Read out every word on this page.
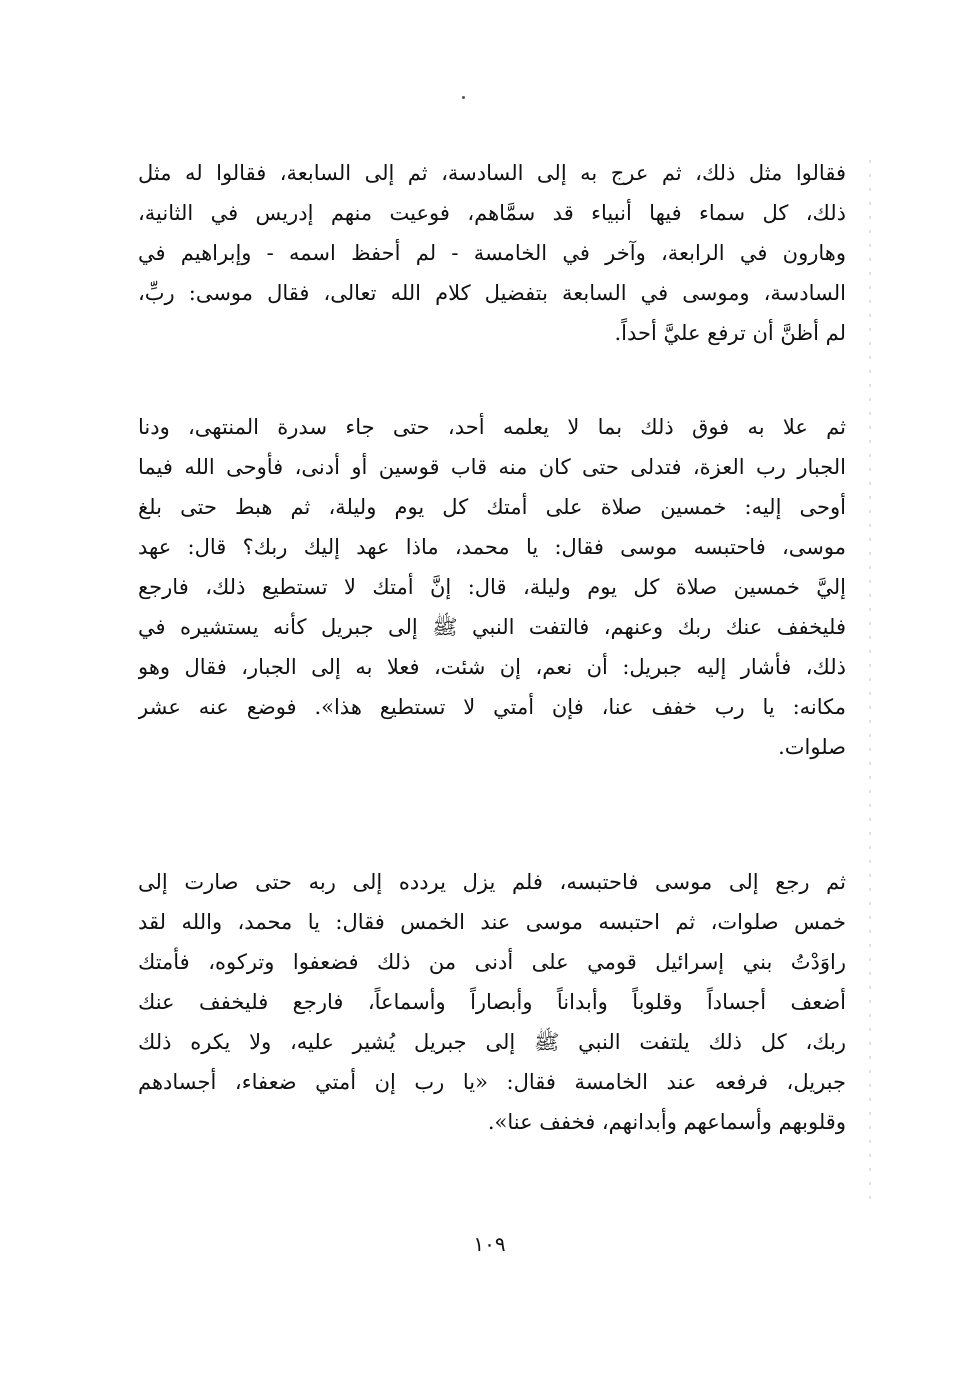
فقالوا مثل ذلك، ثم عرج به إلى السادسة، ثم إلى السابعة، فقالوا له مثل
ذلك، كل سماء فيها أنبياء قد سمَّاهم، فوعيت منهم إدريس في الثانية،
وهارون في الرابعة، وآخر في الخامسة - لم أحفظ اسمه - وإبراهيم في
السادسة، وموسى في السابعة بتفضيل كلام الله تعالى، فقال موسى: ربِّ،
لم أظنَّ أن ترفع عليَّ أحداً.
ثم علا به فوق ذلك بما لا يعلمه أحد، حتى جاء سدرة المنتهى، ودنا
الجبار رب العزة، فتدلى حتى كان منه قاب قوسين أو أدنى، فأوحى الله فيما
أوحى إليه: خمسين صلاة على أمتك كل يوم وليلة، ثم هبط حتى بلغ
موسى، فاحتبسه موسى فقال: يا محمد، ماذا عهد إليك ربك؟ قال: عهد
إليَّ خمسين صلاة كل يوم وليلة، قال: إنَّ أمتك لا تستطيع ذلك، فارجع
فليخفف عنك ربك وعنهم، فالتفت النبي ﷺ إلى جبريل كأنه يستشيره في
ذلك، فأشار إليه جبريل: أن نعم، إن شئت، فعلا به إلى الجبار، فقال وهو
مكانه: يا رب خفف عنا، فإن أمتي لا تستطيع هذا». فوضع عنه عشر
صلوات.
ثم رجع إلى موسى فاحتبسه، فلم يزل يردده إلى ربه حتى صارت إلى
خمس صلوات، ثم احتبسه موسى عند الخمس فقال: يا محمد، والله لقد
راوَدْتُ بني إسرائيل قومي على أدنى من ذلك فضعفوا وتركوه، فأمتك
أضعف أجساداً وقلوباً وأبداناً وأبصاراً وأسماعاً، فارجع فليخفف عنك
ربك، كل ذلك يلتفت النبي ﷺ إلى جبريل يُشير عليه، ولا يكره ذلك
جبريل، فرفعه عند الخامسة فقال: «يا رب إن أمتي ضعفاء، أجسادهم
وقلوبهم وأسماعهم وأبدانهم، فخفف عنا».
١٠٩
